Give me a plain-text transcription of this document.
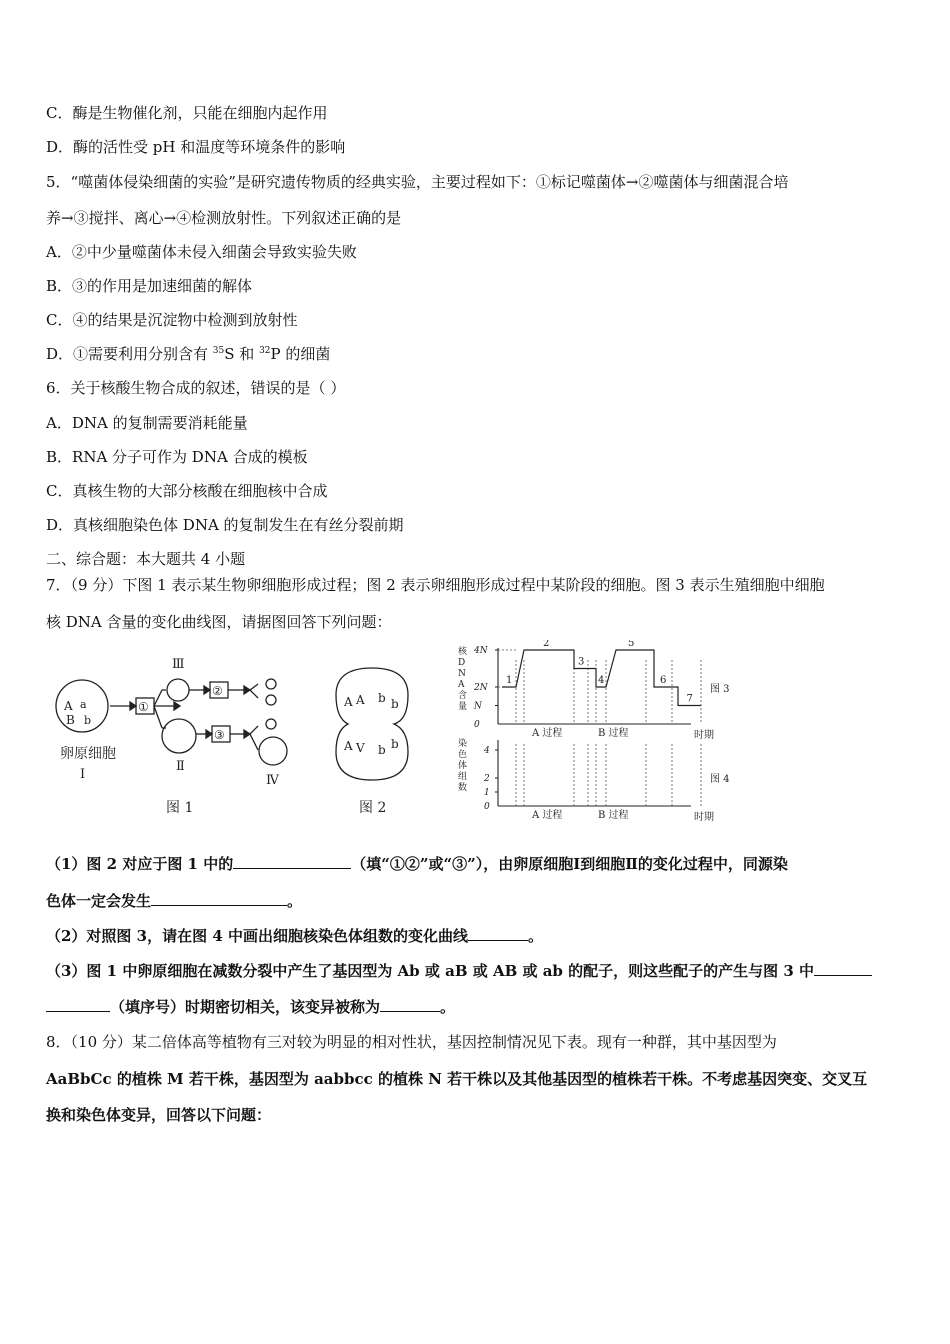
C．酶是生物催化剂，只能在细胞内起作用
D．酶的活性受 pH 和温度等环境条件的影响
5．“噬菌体侵染细菌的实验”是研究遗传物质的经典实验，主要过程如下：①标记噬菌体→②噬菌体与细菌混合培
养→③搅拌、离心→④检测放射性。下列叙述正确的是
A．②中少量噬菌体未侵入细菌会导致实验失败
B．③的作用是加速细菌的解体
C．④的结果是沉淀物中检测到放射性
D．①需要利用分别含有 $^{35}$S 和 $^{32}$P 的细菌
6．关于核酸生物合成的叙述，错误的是（ ）
A．DNA 的复制需要消耗能量
B．RNA 分子可作为 DNA 合成的模板
C．真核生物的大部分核酸在细胞核中合成
D．真核细胞染色体 DNA 的复制发生在有丝分裂前期
二、综合题：本大题共 4 小题
7．（9 分）下图 1 表示某生物卵细胞形成过程；图 2 表示卵细胞形成过程中某阶段的细胞。图 3 表示生殖细胞中细胞
核 DNA 含量的变化曲线图，请据图回答下列问题：
A a
B b
①
Ⅲ
②
③
卵原细胞
Ⅰ
Ⅱ
Ⅳ
图 1
A A b b
A V b b
图 2
核
D
N
A
含
量
4N
2N
N
0
1
2
3
4
5
6
7
A 过程	B 过程	时期
图 3
染
色
体
组
数
4
2
1
0
A 过程	B 过程	时期
图 4
（1）图 2 对应于图 1 中的	（填“①②”或“③”），由卵原细胞Ⅰ到细胞Ⅱ的变化过程中，同源染
色体一定会发生	。
（2）对照图 3，请在图 4 中画出细胞核染色体组数的变化曲线	。
（3）图 1 中卵原细胞在减数分裂中产生了基因型为 Ab 或 aB 或 AB 或 ab 的配子，则这些配子的产生与图 3 中
（填序号）时期密切相关，该变异被称为	。
8．（10 分）某二倍体高等植物有三对较为明显的相对性状，基因控制情况见下表。现有一种群，其中基因型为
AaBbCc 的植株 M 若干株，基因型为 aabbcc 的植株 N 若干株以及其他基因型的植株若干株。不考虑基因突变、交叉互
换和染色体变异，回答以下问题：
